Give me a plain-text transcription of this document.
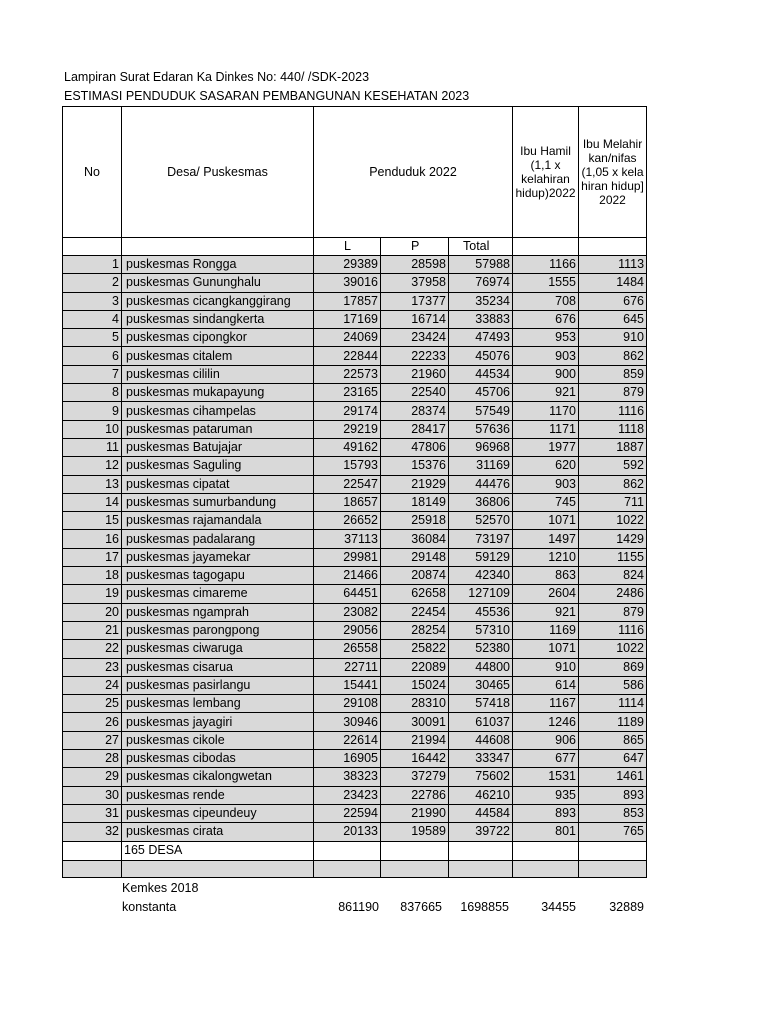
Lampiran Surat Edaran Ka Dinkes No: 440/ /SDK-2023
ESTIMASI PENDUDUK SASARAN PEMBANGUNAN KESEHATAN 2023
No	Desa/ Puskesmas	Penduduk 2022			Ibu Hamil (1,1 x kelahiran hidup)2022	Ibu Melahirkan/nifas (1,05 x kelahiran hidup]2022
		L	P	Total		
1	puskesmas Rongga	29389	28598	57988	1166	1113
2	puskesmas Gununghalu	39016	37958	76974	1555	1484
3	puskesmas cicangkanggirang	17857	17377	35234	708	676
4	puskesmas sindangkerta	17169	16714	33883	676	645
5	puskesmas cipongkor	24069	23424	47493	953	910
6	puskesmas citalem	22844	22233	45076	903	862
7	puskesmas cililin	22573	21960	44534	900	859
8	puskesmas mukapayung	23165	22540	45706	921	879
9	puskesmas cihampelas	29174	28374	57549	1170	1116
10	puskesmas pataruman	29219	28417	57636	1171	1118
11	puskesmas Batujajar	49162	47806	96968	1977	1887
12	puskesmas Saguling	15793	15376	31169	620	592
13	puskesmas cipatat	22547	21929	44476	903	862
14	puskesmas sumurbandung	18657	18149	36806	745	711
15	puskesmas rajamandala	26652	25918	52570	1071	1022
16	puskesmas padalarang	37113	36084	73197	1497	1429
17	puskesmas jayamekar	29981	29148	59129	1210	1155
18	puskesmas tagogapu	21466	20874	42340	863	824
19	puskesmas cimareme	64451	62658	127109	2604	2486
20	puskesmas ngamprah	23082	22454	45536	921	879
21	puskesmas parongpong	29056	28254	57310	1169	1116
22	puskesmas ciwaruga	26558	25822	52380	1071	1022
23	puskesmas cisarua	22711	22089	44800	910	869
24	puskesmas pasirlangu	15441	15024	30465	614	586
25	puskesmas lembang	29108	28310	57418	1167	1114
26	puskesmas jayagiri	30946	30091	61037	1246	1189
27	puskesmas cikole	22614	21994	44608	906	865
28	puskesmas cibodas	16905	16442	33347	677	647
29	puskesmas cikalongwetan	38323	37279	75602	1531	1461
30	puskesmas rende	23423	22786	46210	935	893
31	puskesmas cipeundeuy	22594	21990	44584	893	853
32	puskesmas cirata	20133	19589	39722	801	765
	165 DESA					

Kemkes 2018
konstanta	861190	837665	1698855	34455	32889
